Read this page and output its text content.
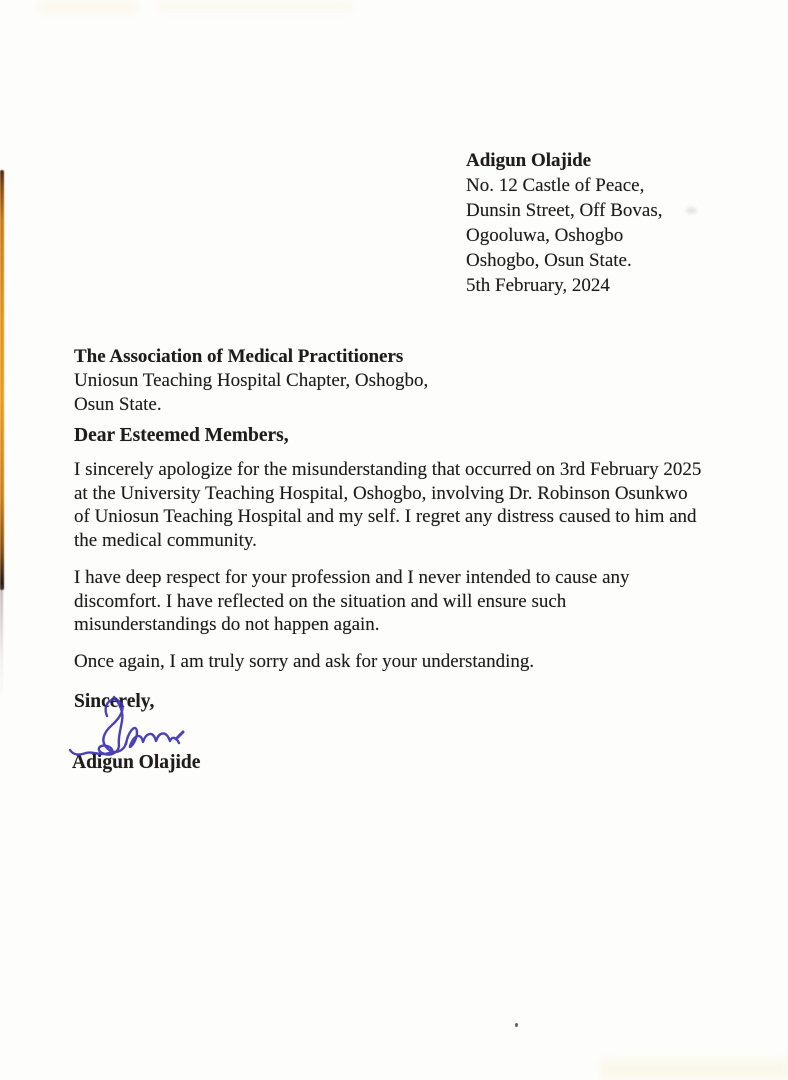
Adigun Olajide
No. 12 Castle of Peace,
Dunsin Street, Off Bovas,
Ogooluwa, Oshogbo
Oshogbo, Osun State.
5th February, 2024
The Association of Medical Practitioners
Uniosun Teaching Hospital Chapter, Oshogbo,
Osun State.
Dear Esteemed Members,
I sincerely apologize for the misunderstanding that occurred on 3rd February 2025
at the University Teaching Hospital, Oshogbo, involving Dr. Robinson Osunkwo
of Uniosun Teaching Hospital and my self. I regret any distress caused to him and
the medical community.
I have deep respect for your profession and I never intended to cause any
discomfort. I have reflected on the situation and will ensure such
misunderstandings do not happen again.
Once again, I am truly sorry and ask for your understanding.
Sincerely,
Adigun Olajide
